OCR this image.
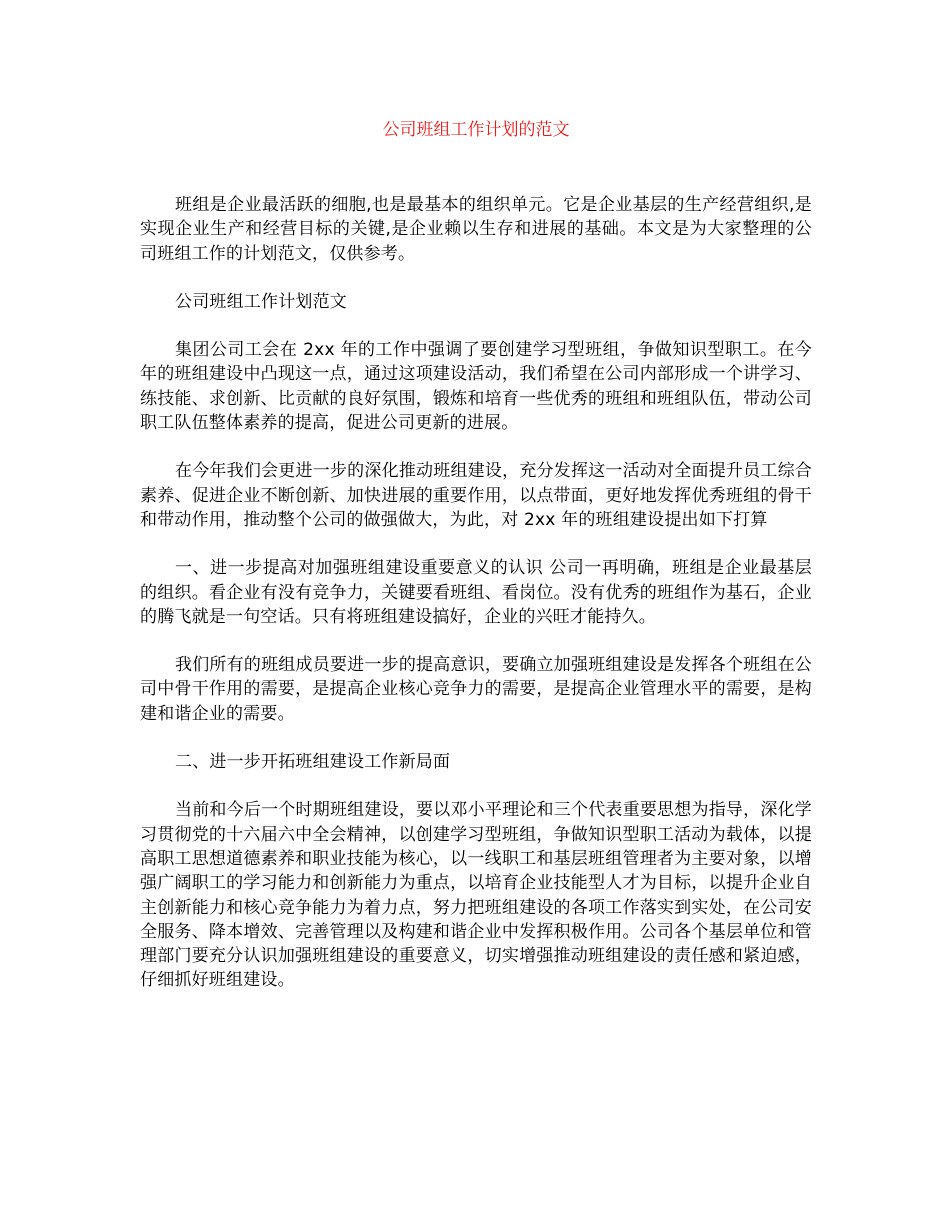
公司班组工作计划的范文

班组是企业最活跃的细胞,也是最基本的组织单元。它是企业基层的生产经营组织,是实现企业生产和经营目标的关键,是企业赖以生存和进展的基础。本文是为大家整理的公司班组工作的计划范文，仅供参考。

公司班组工作计划范文

集团公司工会在 2xx 年的工作中强调了要创建学习型班组，争做知识型职工。在今年的班组建设中凸现这一点，通过这项建设活动，我们希望在公司内部形成一个讲学习、练技能、求创新、比贡献的良好氛围，锻炼和培育一些优秀的班组和班组队伍，带动公司职工队伍整体素养的提高，促进公司更新的进展。

在今年我们会更进一步的深化推动班组建设，充分发挥这一活动对全面提升员工综合素养、促进企业不断创新、加快进展的重要作用，以点带面，更好地发挥优秀班组的骨干和带动作用，推动整个公司的做强做大，为此，对 2xx 年的班组建设提出如下打算

一、进一步提高对加强班组建设重要意义的认识 公司一再明确，班组是企业最基层的组织。看企业有没有竞争力，关键要看班组、看岗位。没有优秀的班组作为基石，企业的腾飞就是一句空话。只有将班组建设搞好，企业的兴旺才能持久。

我们所有的班组成员要进一步的提高意识，要确立加强班组建设是发挥各个班组在公司中骨干作用的需要，是提高企业核心竞争力的需要，是提高企业管理水平的需要，是构建和谐企业的需要。

二、进一步开拓班组建设工作新局面

当前和今后一个时期班组建设，要以邓小平理论和三个代表重要思想为指导，深化学习贯彻党的十六届六中全会精神，以创建学习型班组，争做知识型职工活动为载体，以提高职工思想道德素养和职业技能为核心，以一线职工和基层班组管理者为主要对象，以增强广阔职工的学习能力和创新能力为重点，以培育企业技能型人才为目标，以提升企业自主创新能力和核心竞争能力为着力点，努力把班组建设的各项工作落实到实处，在公司安全服务、降本增效、完善管理以及构建和谐企业中发挥积极作用。公司各个基层单位和管理部门要充分认识加强班组建设的重要意义，切实增强推动班组建设的责任感和紧迫感，仔细抓好班组建设。
